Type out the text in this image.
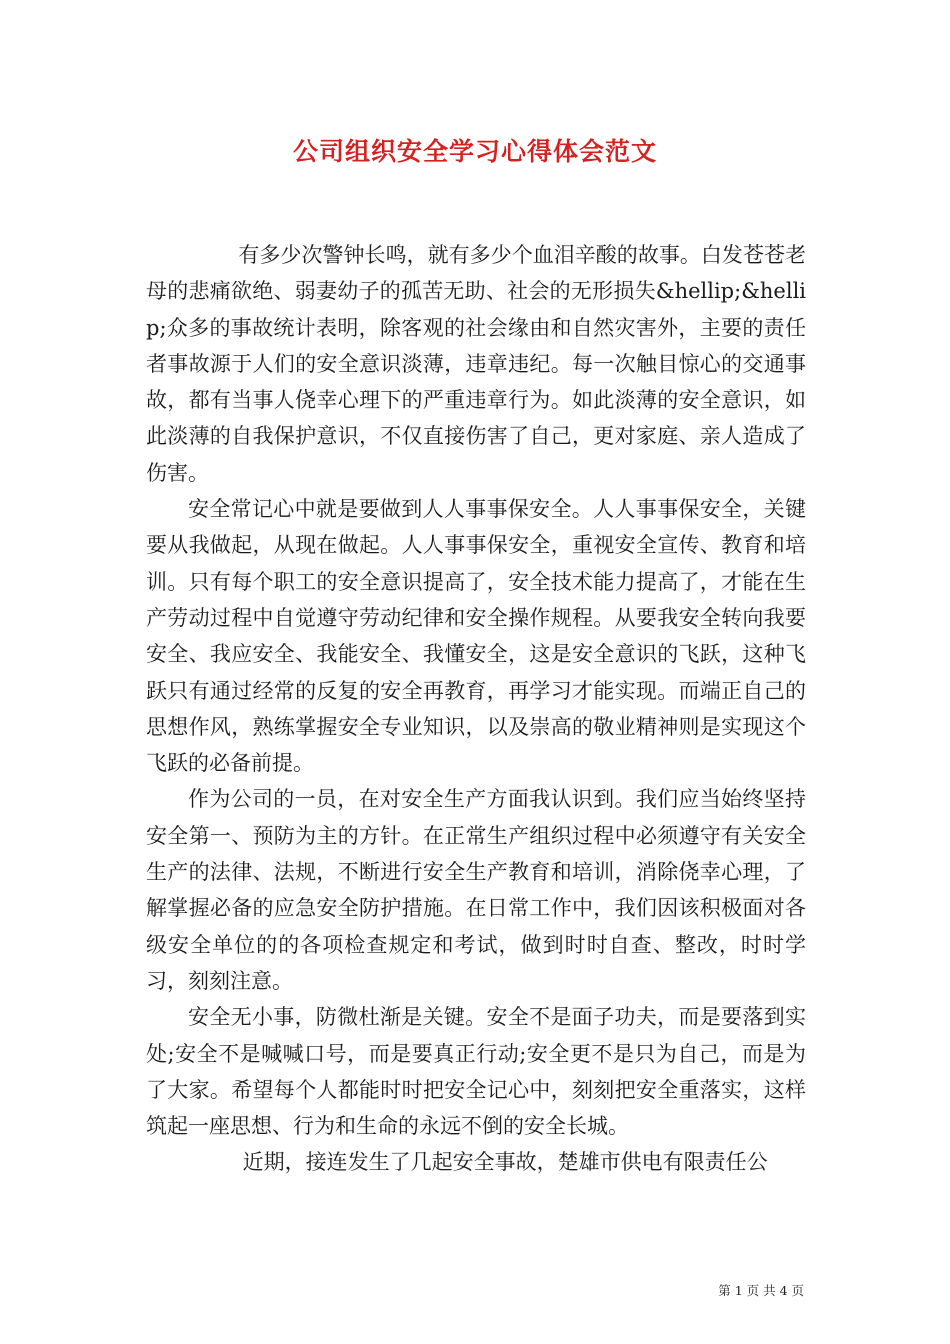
公司组织安全学习心得体会范文

有多少次警钟长鸣，就有多少个血泪辛酸的故事。白发苍苍老母的悲痛欲绝、弱妻幼子的孤苦无助、社会的无形损失&hellip;&hellip;众多的事故统计表明，除客观的社会缘由和自然灾害外，主要的责任者事故源于人们的安全意识淡薄，违章违纪。每一次触目惊心的交通事故，都有当事人侥幸心理下的严重违章行为。如此淡薄的安全意识，如此淡薄的自我保护意识，不仅直接伤害了自己，更对家庭、亲人造成了伤害。

安全常记心中就是要做到人人事事保安全。人人事事保安全，关键要从我做起，从现在做起。人人事事保安全，重视安全宣传、教育和培训。只有每个职工的安全意识提高了，安全技术能力提高了，才能在生产劳动过程中自觉遵守劳动纪律和安全操作规程。从要我安全转向我要安全、我应安全、我能安全、我懂安全，这是安全意识的飞跃，这种飞跃只有通过经常的反复的安全再教育，再学习才能实现。而端正自己的思想作风，熟练掌握安全专业知识，以及崇高的敬业精神则是实现这个飞跃的必备前提。

作为公司的一员，在对安全生产方面我认识到。我们应当始终坚持安全第一、预防为主的方针。在正常生产组织过程中必须遵守有关安全生产的法律、法规，不断进行安全生产教育和培训，消除侥幸心理，了解掌握必备的应急安全防护措施。在日常工作中，我们因该积极面对各级安全单位的的各项检查规定和考试，做到时时自查、整改，时时学习，刻刻注意。

安全无小事，防微杜渐是关键。安全不是面子功夫，而是要落到实处;安全不是喊喊口号，而是要真正行动;安全更不是只为自己，而是为了大家。希望每个人都能时时把安全记心中，刻刻把安全重落实，这样筑起一座思想、行为和生命的永远不倒的安全长城。

近期，接连发生了几起安全事故，楚雄市供电有限责任公

第 1 页 共 4 页
